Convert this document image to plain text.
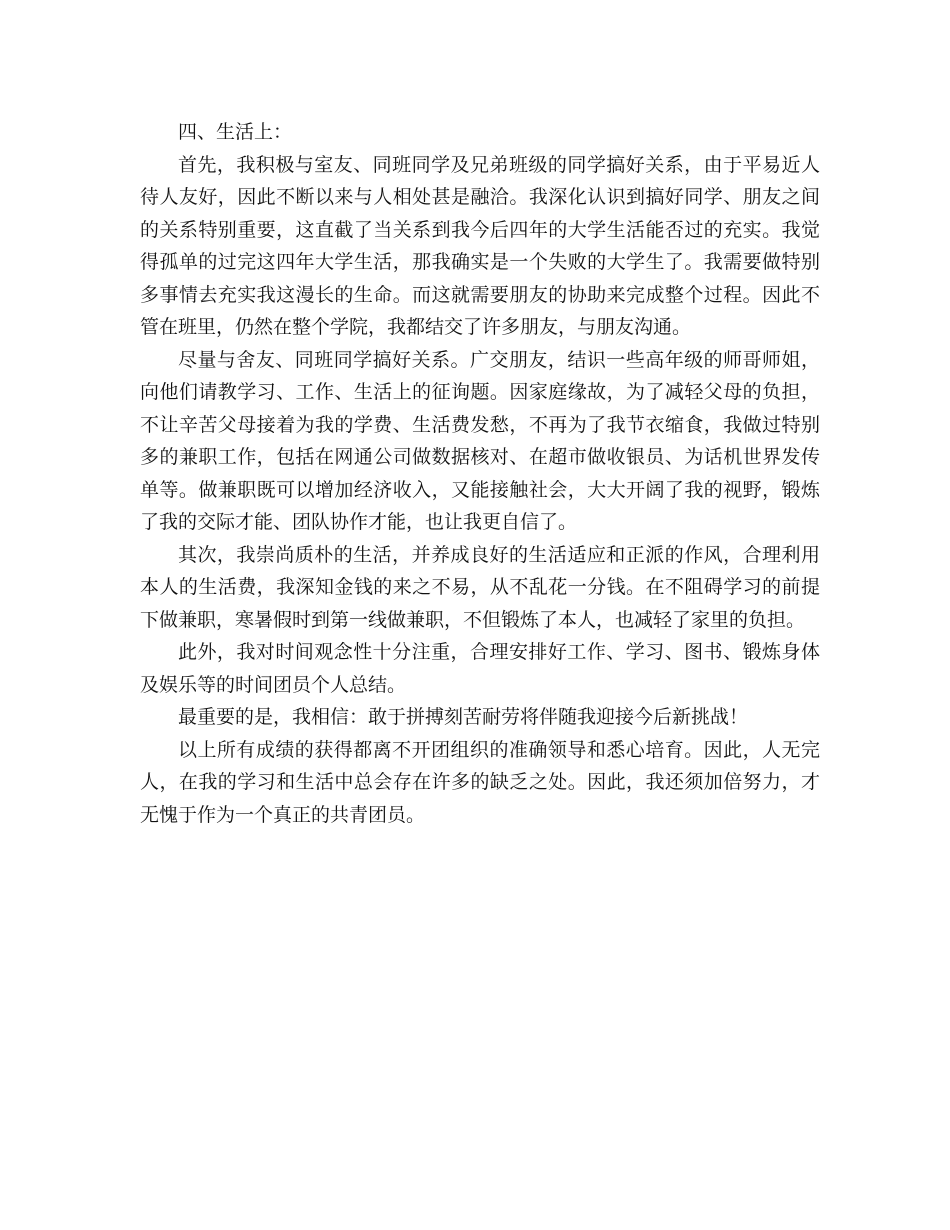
四、生活上：

首先，我积极与室友、同班同学及兄弟班级的同学搞好关系，由于平易近人待人友好，因此不断以来与人相处甚是融洽。我深化认识到搞好同学、朋友之间的关系特别重要，这直截了当关系到我今后四年的大学生活能否过的充实。我觉得孤单的过完这四年大学生活，那我确实是一个失败的大学生了。我需要做特别多事情去充实我这漫长的生命。而这就需要朋友的协助来完成整个过程。因此不管在班里，仍然在整个学院，我都结交了许多朋友，与朋友沟通。

尽量与舍友、同班同学搞好关系。广交朋友，结识一些高年级的师哥师姐，向他们请教学习、工作、生活上的征询题。因家庭缘故，为了减轻父母的负担，不让辛苦父母接着为我的学费、生活费发愁，不再为了我节衣缩食，我做过特别多的兼职工作，包括在网通公司做数据核对、在超市做收银员、为话机世界发传单等。做兼职既可以增加经济收入，又能接触社会，大大开阔了我的视野，锻炼了我的交际才能、团队协作才能，也让我更自信了。

其次，我崇尚质朴的生活，并养成良好的生活适应和正派的作风，合理利用本人的生活费，我深知金钱的来之不易，从不乱花一分钱。在不阻碍学习的前提下做兼职，寒暑假时到第一线做兼职，不但锻炼了本人，也减轻了家里的负担。

此外，我对时间观念性十分注重，合理安排好工作、学习、图书、锻炼身体及娱乐等的时间团员个人总结。

最重要的是，我相信：敢于拼搏刻苦耐劳将伴随我迎接今后新挑战！

以上所有成绩的获得都离不开团组织的准确领导和悉心培育。因此，人无完人，在我的学习和生活中总会存在许多的缺乏之处。因此，我还须加倍努力，才无愧于作为一个真正的共青团员。
